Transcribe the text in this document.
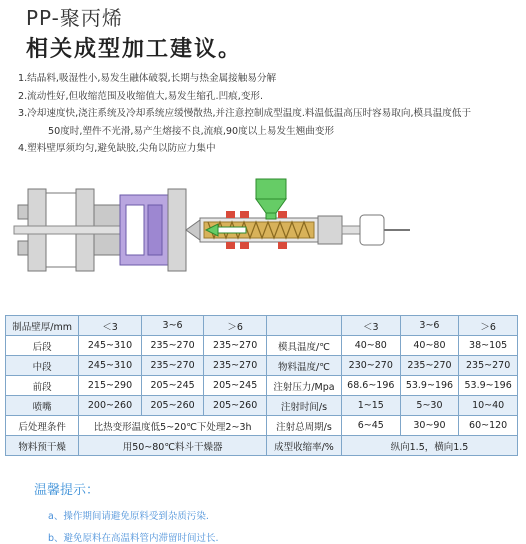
PP-聚丙烯
相关成型加工建议。
1.结晶料,吸湿性小,易发生融体破裂,长期与热金属接触易分解
2.流动性好,但收缩范围及收缩值大,易发生缩孔.凹痕,变形.
3.冷却速度快,浇注系统及冷却系统应缓慢散热,并注意控制成型温度.料温低温高压时容易取向,模具温度低于
50度时,塑件不光滑,易产生熔接不良,流痕,90度以上易发生翘曲变形
4.塑料壁厚须均匀,避免缺胶,尖角以防应力集中
制品壁厚/mm	＜3	3~6	＞6		＜3	3~6	＞6
后段	245~310	235~270	235~270	模具温度/℃	40~80	40~80	38~105
中段	245~310	235~270	235~270	物料温度/℃	230~270	235~270	235~270
前段	215~290	205~245	205~245	注射压力/Mpa	68.6~196	53.9~196	53.9~196
喷嘴	200~260	205~260	205~260	注射时间/s	1~15	5~30	10~40
后处理条件	比热变形温度低5~20℃下处理2~3h			注射总周期/s	6~45	30~90	60~120
物料预干燥	用50~80℃料斗干燥器			成型收缩率/%	纵向1.5，横向1.5		
温馨提示：
a、操作期间请避免原料受到杂质污染.
b、避免原料在高温料管内滞留时间过长.
